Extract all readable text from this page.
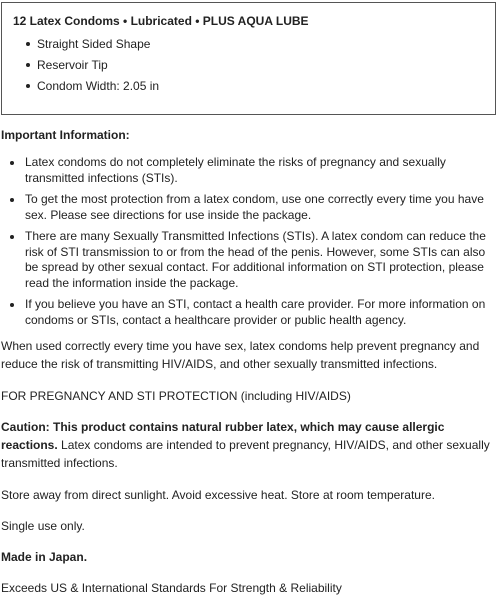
12 Latex Condoms • Lubricated • PLUS AQUA LUBE
Straight Sided Shape
Reservoir Tip
Condom Width: 2.05 in
Important Information:
Latex condoms do not completely eliminate the risks of pregnancy and sexually transmitted infections (STIs).
To get the most protection from a latex condom, use one correctly every time you have sex. Please see directions for use inside the package.
There are many Sexually Transmitted Infections (STIs). A latex condom can reduce the risk of STI transmission to or from the head of the penis. However, some STIs can also be spread by other sexual contact. For additional information on STI protection, please read the information inside the package.
If you believe you have an STI, contact a health care provider. For more information on condoms or STIs, contact a healthcare provider or public health agency.

When used correctly every time you have sex, latex condoms help prevent pregnancy and reduce the risk of transmitting HIV/AIDS, and other sexually transmitted infections.

FOR PREGNANCY AND STI PROTECTION (including HIV/AIDS)

Caution: This product contains natural rubber latex, which may cause allergic reactions. Latex condoms are intended to prevent pregnancy, HIV/AIDS, and other sexually transmitted infections.

Store away from direct sunlight. Avoid excessive heat. Store at room temperature.

Single use only.

Made in Japan.

Exceeds US & International Standards For Strength & Reliability
